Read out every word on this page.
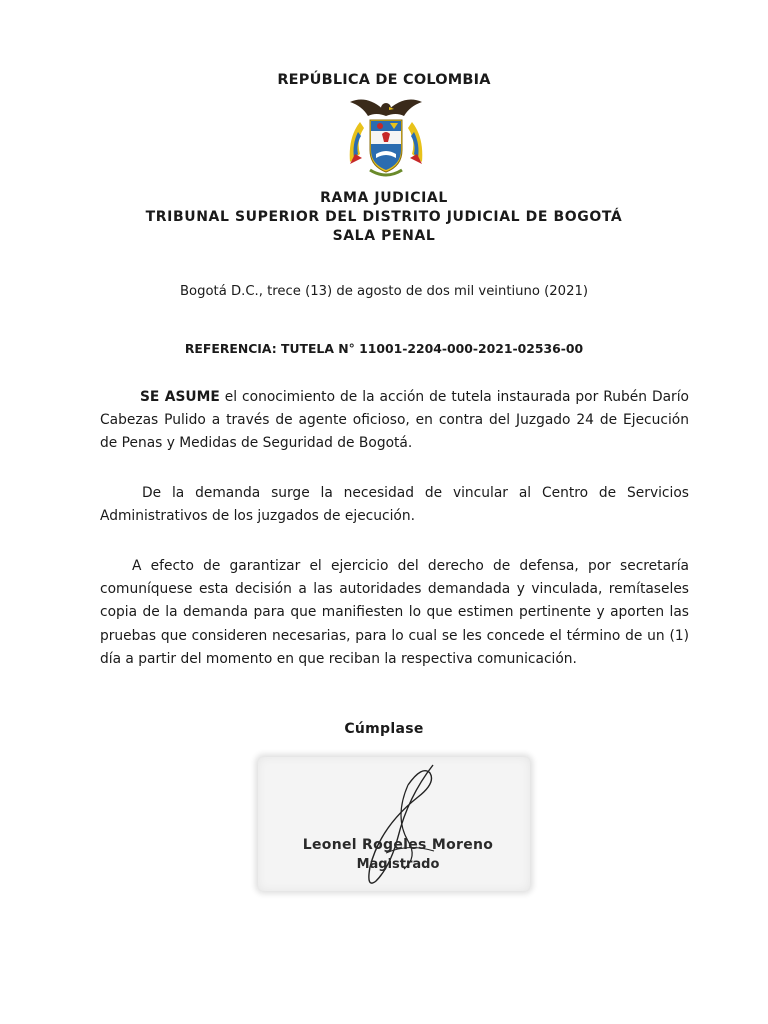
REPÚBLICA DE COLOMBIA
RAMA JUDICIAL
TRIBUNAL SUPERIOR DEL DISTRITO JUDICIAL DE BOGOTÁ
SALA PENAL
Bogotá D.C., trece (13) de agosto de dos mil veintiuno (2021)
REFERENCIA: TUTELA N° 11001-2204-000-2021-02536-00

SE ASUME el conocimiento de la acción de tutela instaurada por Rubén Darío Cabezas Pulido a través de agente oficioso, en contra del Juzgado 24 de Ejecución de Penas y Medidas de Seguridad de Bogotá.

De la demanda surge la necesidad de vincular al Centro de Servicios Administrativos de los juzgados de ejecución.

A efecto de garantizar el ejercicio del derecho de defensa, por secretaría comuníquese esta decisión a las autoridades demandada y vinculada, remítaseles copia de la demanda para que manifiesten lo que estimen pertinente y aporten las pruebas que consideren necesarias, para lo cual se les concede el término de un (1) día a partir del momento en que reciban la respectiva comunicación.

Cúmplase
Leonel Rogeles Moreno
Magistrado
